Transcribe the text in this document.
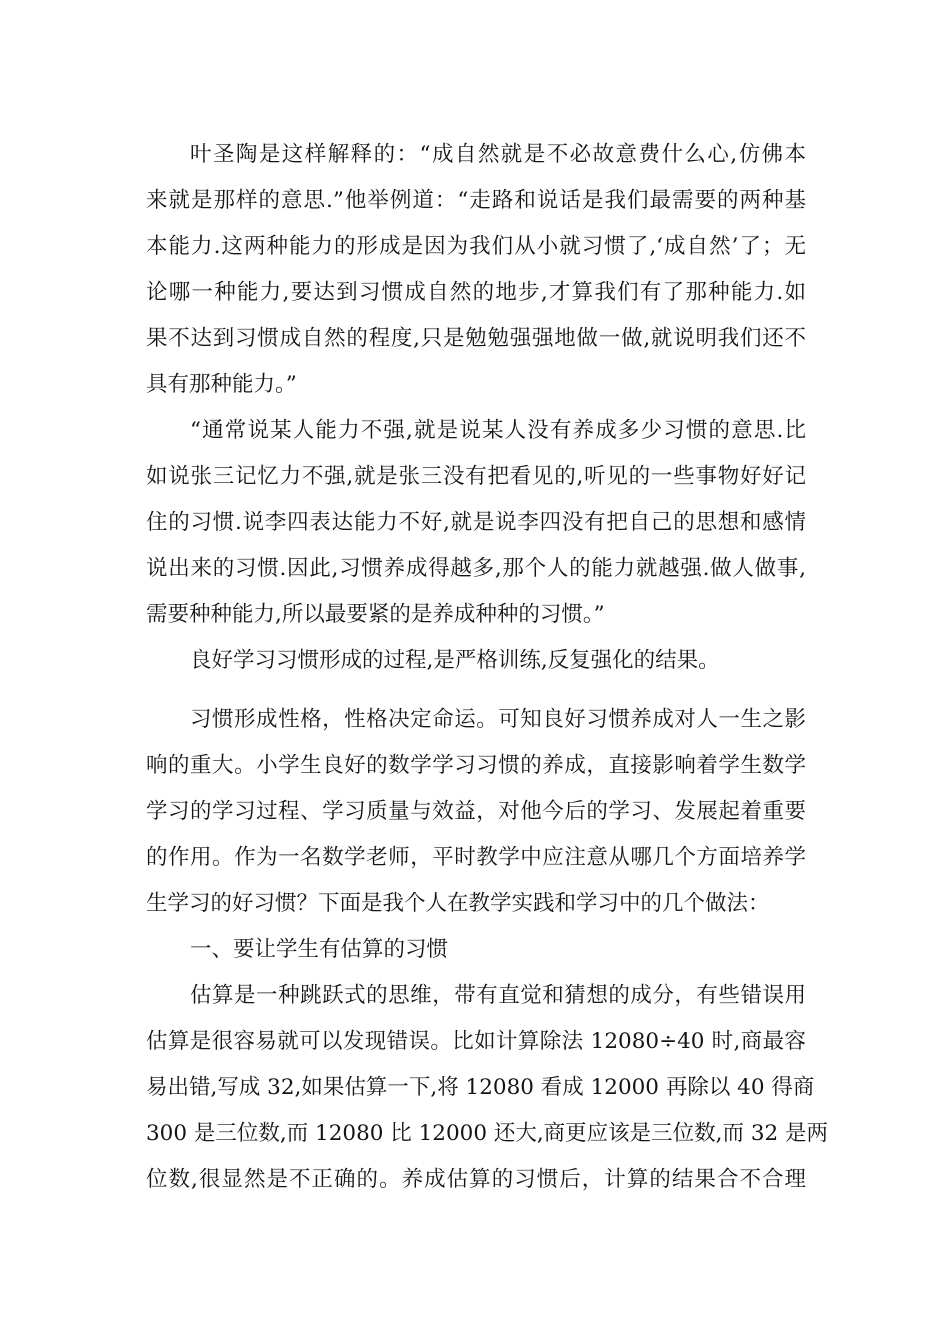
叶圣陶是这样解释的：“成自然就是不必故意费什么心,仿佛本
来就是那样的意思.”他举例道：“走路和说话是我们最需要的两种基
本能力.这两种能力的形成是因为我们从小就习惯了,‘成自然’了；无
论哪一种能力,要达到习惯成自然的地步,才算我们有了那种能力.如
果不达到习惯成自然的程度,只是勉勉强强地做一做,就说明我们还不
具有那种能力。”
“通常说某人能力不强,就是说某人没有养成多少习惯的意思.比
如说张三记忆力不强,就是张三没有把看见的,听见的一些事物好好记
住的习惯.说李四表达能力不好,就是说李四没有把自己的思想和感情
说出来的习惯.因此,习惯养成得越多,那个人的能力就越强.做人做事,
需要种种能力,所以最要紧的是养成种种的习惯。”
良好学习习惯形成的过程,是严格训练,反复强化的结果。
习惯形成性格，性格决定命运。可知良好习惯养成对人一生之影
响的重大。小学生良好的数学学习习惯的养成，直接影响着学生数学
学习的学习过程、学习质量与效益，对他今后的学习、发展起着重要
的作用。作为一名数学老师，平时教学中应注意从哪几个方面培养学
生学习的好习惯？下面是我个人在教学实践和学习中的几个做法：
一、要让学生有估算的习惯
估算是一种跳跃式的思维，带有直觉和猜想的成分，有些错误用
估算是很容易就可以发现错误。比如计算除法 12080÷40 时,商最容
易出错,写成 32,如果估算一下,将 12080 看成 12000 再除以 40 得商
300 是三位数,而 12080 比 12000 还大,商更应该是三位数,而 32 是两
位数,很显然是不正确的。养成估算的习惯后，计算的结果合不合理
